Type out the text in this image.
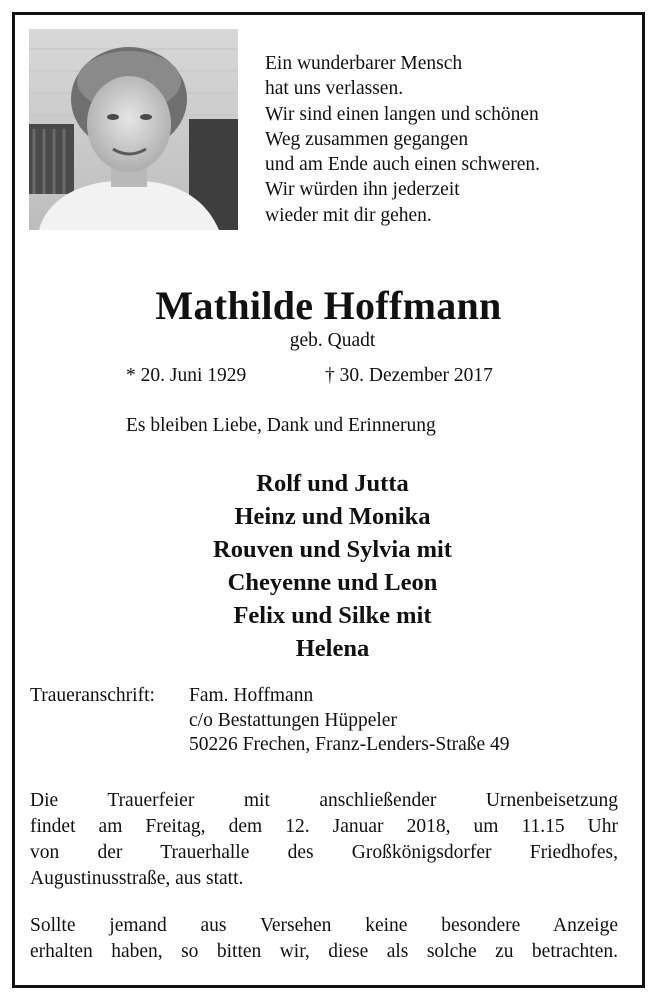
Ein wunderbarer Mensch
hat uns verlassen.
Wir sind einen langen und schönen
Weg zusammen gegangen
und am Ende auch einen schweren.
Wir würden ihn jederzeit
wieder mit dir gehen.
Mathilde Hoffmann
geb. Quadt
* 20. Juni 1929	† 30. Dezember 2017
Es bleiben Liebe, Dank und Erinnerung
Rolf und Jutta
Heinz und Monika
Rouven und Sylvia mit
Cheyenne und Leon
Felix und Silke mit
Helena
Traueranschrift: Fam. Hoffmann
c/o Bestattungen Hüppeler
50226 Frechen, Franz-Lenders-Straße 49
Die Trauerfeier mit anschließender Urnenbeisetzung
findet am Freitag, dem 12. Januar 2018, um 11.15 Uhr
von der Trauerhalle des Großkönigsdorfer Friedhofes,
Augustinusstraße, aus statt.
Sollte jemand aus Versehen keine besondere Anzeige
erhalten haben, so bitten wir, diese als solche zu betrachten.
